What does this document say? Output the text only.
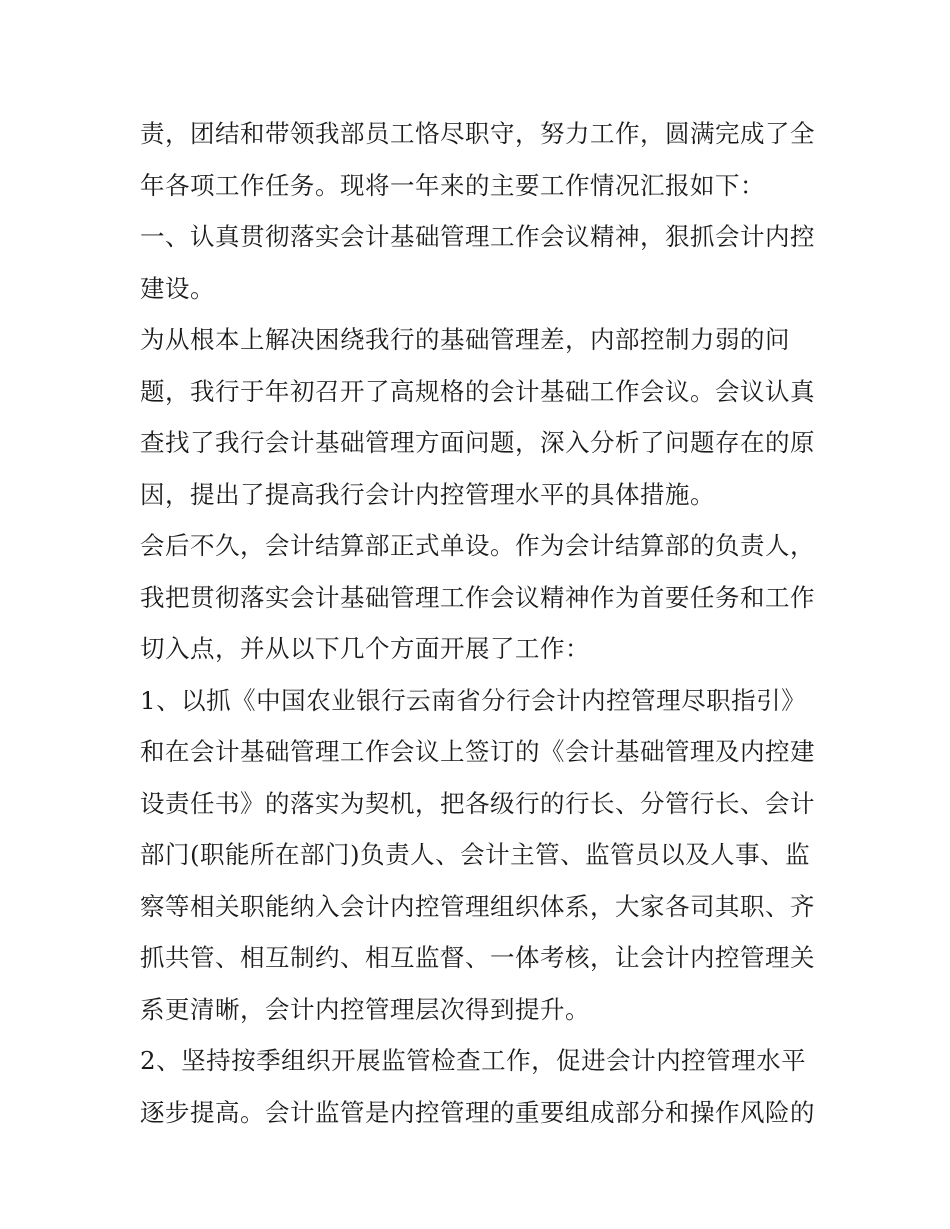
责，团结和带领我部员工恪尽职守，努力工作，圆满完成了全
年各项工作任务。现将一年来的主要工作情况汇报如下：
一、认真贯彻落实会计基础管理工作会议精神，狠抓会计内控
建设。
为从根本上解决困绕我行的基础管理差，内部控制力弱的问
题，我行于年初召开了高规格的会计基础工作会议。会议认真
查找了我行会计基础管理方面问题，深入分析了问题存在的原
因，提出了提高我行会计内控管理水平的具体措施。
会后不久，会计结算部正式单设。作为会计结算部的负责人，
我把贯彻落实会计基础管理工作会议精神作为首要任务和工作
切入点，并从以下几个方面开展了工作：
1、以抓《中国农业银行云南省分行会计内控管理尽职指引》
和在会计基础管理工作会议上签订的《会计基础管理及内控建
设责任书》的落实为契机，把各级行的行长、分管行长、会计
部门(职能所在部门)负责人、会计主管、监管员以及人事、监
察等相关职能纳入会计内控管理组织体系，大家各司其职、齐
抓共管、相互制约、相互监督、一体考核，让会计内控管理关
系更清晰，会计内控管理层次得到提升。
2、坚持按季组织开展监管检查工作，促进会计内控管理水平
逐步提高。会计监管是内控管理的重要组成部分和操作风险的
